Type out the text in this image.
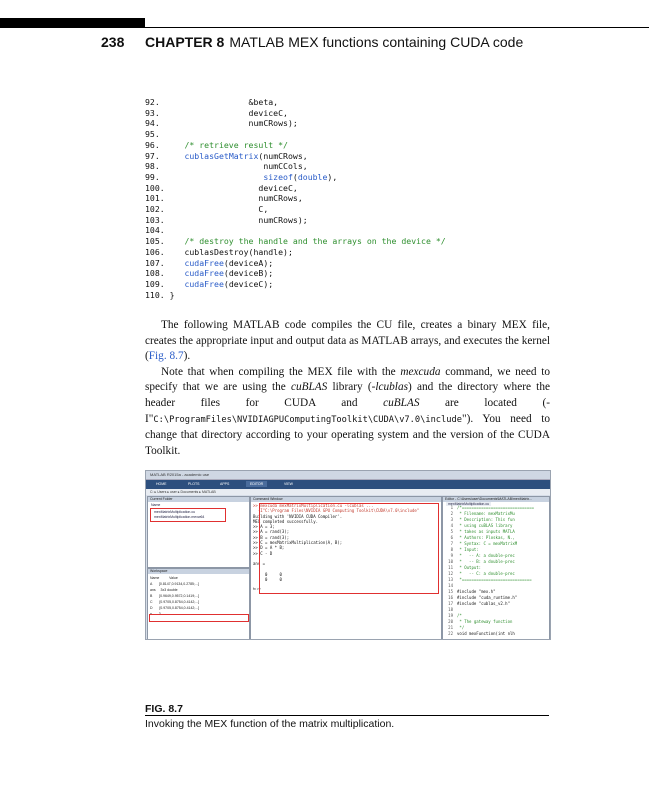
238 CHAPTER 8 MATLAB MEX functions containing CUDA code
92.                  &beta,
93.                  deviceC,
94.                  numCRows);
95.
96.     /* retrieve result */
97.     cublasGetMatrix(numCRows,
98.                     numCCols,
99.	sizeof(double),
100.                   deviceC,
101.                   numCRows,
102.                   C,
103.                   numCRows);
104.
105.    /* destroy the handle and the arrays on the device */
106.    cublasDestroy(handle);
107.    cudaFree(deviceA);
108.    cudaFree(deviceB);
109.    cudaFree(deviceC);
110. }

The following MATLAB code compiles the CU file, creates a binary MEX file, creates the appropriate input and output data as MATLAB arrays, and executes the kernel (Fig. 8.7).

Note that when compiling the MEX file with the mexcuda command, we need to specify that we are using the cuBLAS library (-lcublas) and the directory where the header files for CUDA and cuBLAS are located (-I"C:\ProgramFiles\NVIDIAGPUComputingToolkit\CUDA\v7.0\include"). You need to change that directory according to your operating system and the version of the CUDA Toolkit.

MATLAB R2015a - academic use
HOME	PLOTS	APPS	EDITOR	VIEW
C: ▸ Users ▸ user ▸ Documents ▸ MATLAB
Current Folder
Name
mexMatrixMultiplication.cu
mexMatrixMultiplication.mexw64
Workspace
Name	Value
A       [0.8147,0.9134,0.2785;...]
ans     3x3 double
B       [0.9649,0.9572,0.1419;...]
C       [0.9705,0.8754,0.4142;...]
D       [0.9705,0.8754,0.4142;...]
n       3
Command Window
>> mexcuda mexMatrixMultiplication.cu -lcublas ...
-I"C:\Program Files\NVIDIA GPU Computing Toolkit\CUDA\v7.0\include"
Building with 'NVIDIA CUDA Compiler'.
MEX completed successfully.
>> A = 3;
>> A = rand(3);
>> B = rand(3);
>> C = mexMatrixMultiplication(A, B);
>> D = A * B;
>> C - D

ans =

0     0
0     0
fx >>
Editor - C:\Users\user\Documents\MATLAB\mexMatrix...
mexMatrixMultiplication.cu
1 /*==============================
2 * Filename: mexMatrixMu
3 * Description: This fun
4 * using cuBLAS library
5 * takes as inputs MATLA
6 * Authors: Ploskas, N.,
7 * Syntax: C = mexMatrixM
8 * Input:
9 *   -- A: a double-prec
10 *   -- B: a double-prec
11 * Output:
12 *   -- C: a double-prec
13 *=============================
14
15 #include "mex.h"
16 #include "cuda_runtime.h"
17 #include "cublas_v2.h"
18
19 /*
20 * The gateway function
21 */
22 void mexFunction(int nlh
FIG. 8.7
Invoking the MEX function of the matrix multiplication.
